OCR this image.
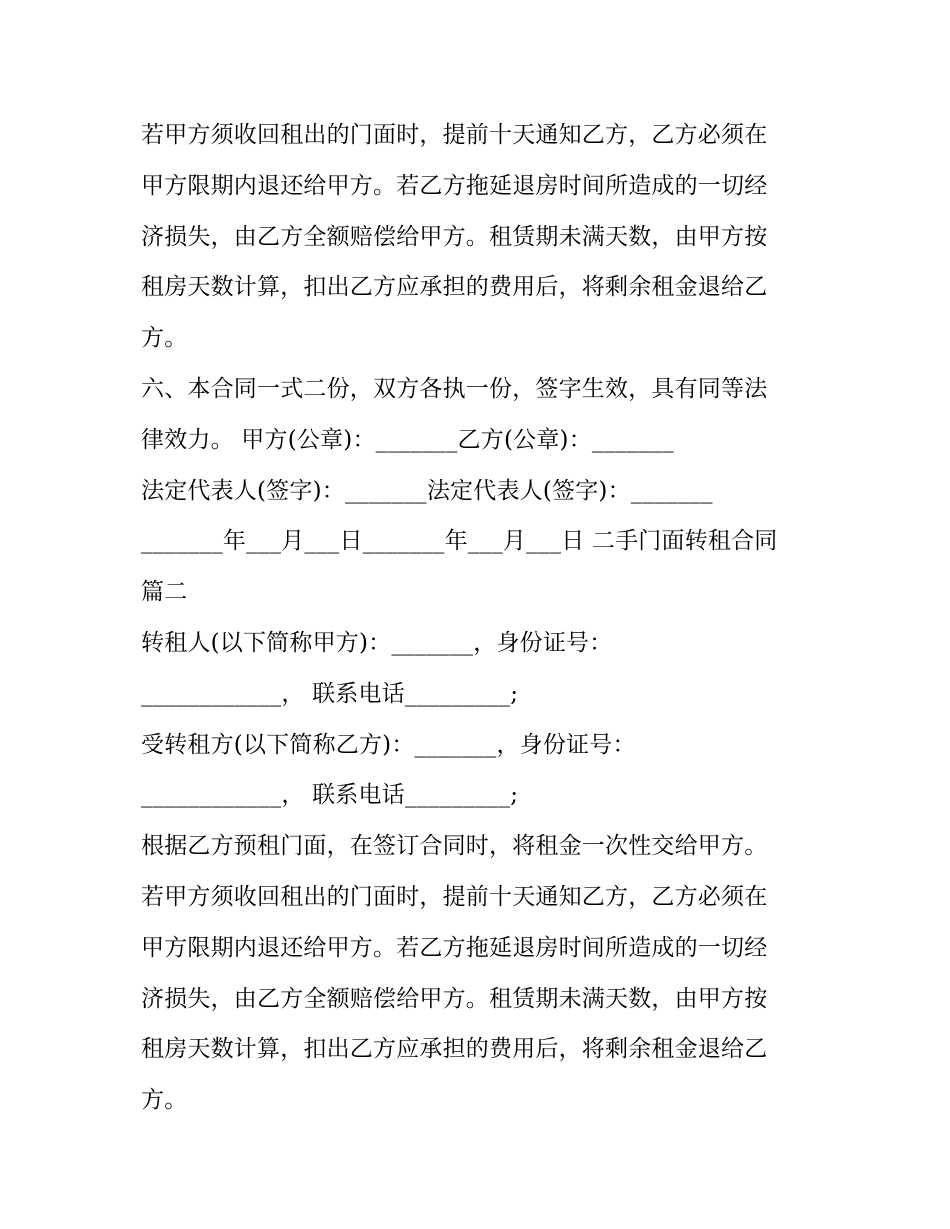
若甲方须收回租出的门面时，提前十天通知乙方，乙方必须在
甲方限期内退还给甲方。若乙方拖延退房时间所造成的一切经
济损失，由乙方全额赔偿给甲方。租赁期未满天数，由甲方按
租房天数计算，扣出乙方应承担的费用后，将剩余租金退给乙
方。
六、本合同一式二份，双方各执一份，签字生效，具有同等法
律效力。 甲方(公章)：_______乙方(公章)：_______
法定代表人(签字)：_______法定代表人(签字)：_______
_______年___月___日_______年___月___日 二手门面转租合同
篇二
转租人(以下简称甲方)：_______，身份证号：
____________， 联系电话_________;
受转租方(以下简称乙方)：_______，身份证号：
____________， 联系电话_________;
根据乙方预租门面，在签订合同时，将租金一次性交给甲方。
若甲方须收回租出的门面时，提前十天通知乙方，乙方必须在
甲方限期内退还给甲方。若乙方拖延退房时间所造成的一切经
济损失，由乙方全额赔偿给甲方。租赁期未满天数，由甲方按
租房天数计算，扣出乙方应承担的费用后，将剩余租金退给乙
方。
